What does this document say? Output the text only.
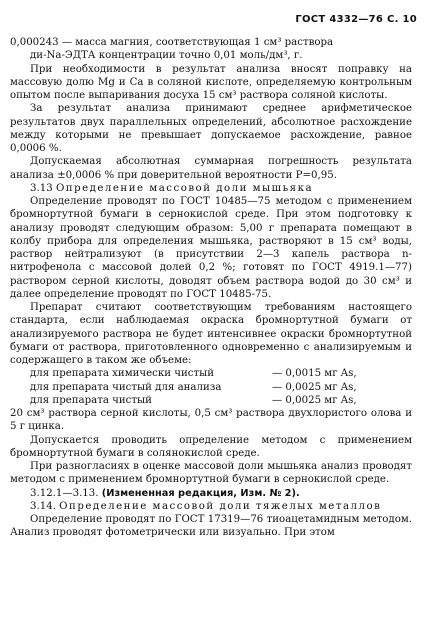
ГОСТ 4332—76 С. 10

0,000243 — масса магния, соответствующая 1 см³ раствора

ди-Na-ЭДТА концентрации точно 0,01 моль/дм³, г.

При необходимости в результат анализа вносят поправку на массовую долю Mg и Ca в соляной кислоте, определяемую контрольным опытом после выпаривания досуха 15 см³ раствора соляной кислоты.

За результат анализа принимают среднее арифметическое результатов двух параллельных определений, абсолютное расхождение между которыми не превышает допускаемое расхождение, равное 0,0006 %.

Допускаемая абсолютная суммарная погрешность результата анализа ±0,0006 % при доверительной вероятности P=0,95.

3.13 Определение массовой доли мышьяка

Определение проводят по ГОСТ 10485—75 методом с применением бромнортутной бумаги в сернокислой среде. При этом подготовку к анализу проводят следующим образом: 5,00 г препарата помещают в колбу прибора для определения мышьяка, растворяют в 15 см³ воды, раствор нейтрализуют (в присутствии 2—3 капель раствора n-нитрофенола с массовой долей 0,2 %; готовят по ГОСТ 4919.1—77) раствором серной кислоты, доводят объем раствора водой до 30 см³ и далее определение проводят по ГОСТ 10485-75.

Препарат считают соответствующим требованиям настоящего стандарта, если наблюдаемая окраска бромнортутной бумаги от анализируемого раствора не будет интенсивнее окраски бромнортутной бумаги от раствора, приготовленного одновременно с анализируемым и содержащего в таком же объеме:

для препарата химически чистый	— 0,0015 мг As,
для препарата чистый для анализа	— 0,0025 мг As,
для препарата чистый	— 0,0025 мг As,

20 см³ раствора серной кислоты, 0,5 см³ раствора двухлористого олова и 5 г цинка.

Допускается проводить определение методом с применением бромнортутной бумаги в солянокислой среде.

При разногласиях в оценке массовой доли мышьяка анализ проводят методом с применением бромнортутной бумаги в сернокислой среде.

3.12.1—3.13. (Измененная редакция, Изм. № 2).

3.14. Определение массовой доли тяжелых металлов

Определение проводят по ГОСТ 17319—76 тиоацетамидным методом. Анализ проводят фотометрически или визуально. При этом
